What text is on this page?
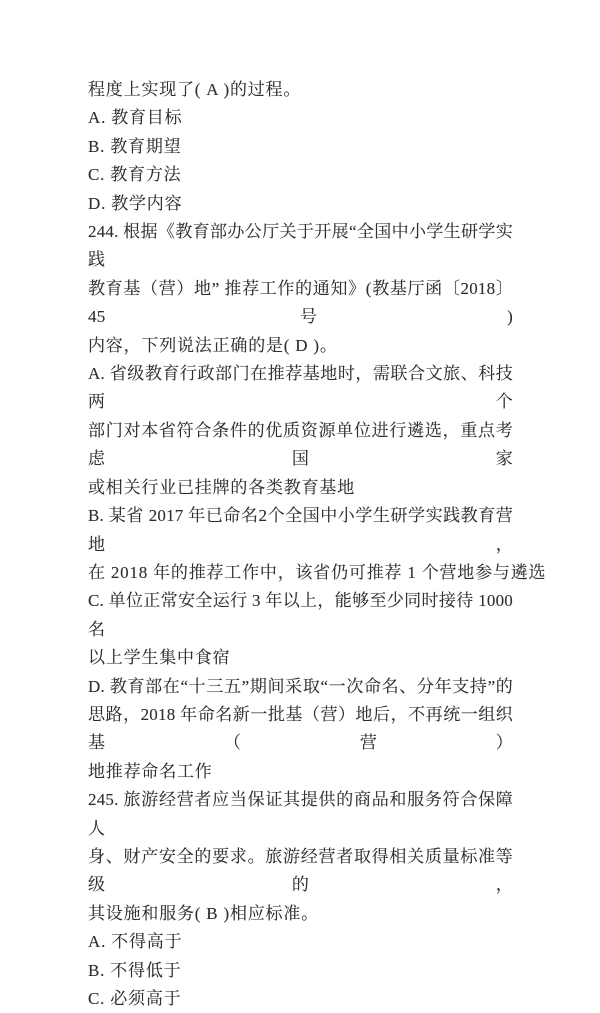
程度上实现了( A )的过程。
A. 教育目标
B. 教育期望
C. 教育方法
D. 教学内容
244. 根据《教育部办公厅关于开展“全国中小学生研学实践
教育基（营）地” 推荐工作的通知》(教基厅函〔2018〕45 号)
内容，下列说法正确的是( D )。
A. 省级教育行政部门在推荐基地时，需联合文旅、科技两个
部门对本省符合条件的优质资源单位进行遴选，重点考虑国家
或相关行业已挂牌的各类教育基地
B. 某省 2017 年已命名2个全国中小学生研学实践教育营地，
在 2018 年的推荐工作中，该省仍可推荐 1 个营地参与遴选
C. 单位正常安全运行 3 年以上，能够至少同时接待 1000 名
以上学生集中食宿
D. 教育部在“十三五”期间采取“一次命名、分年支持”的
思路，2018 年命名新一批基（营）地后，不再统一组织基（营）
地推荐命名工作
245. 旅游经营者应当保证其提供的商品和服务符合保障人
身、财产安全的要求。旅游经营者取得相关质量标准等级的，
其设施和服务( B )相应标准。
A. 不得高于
B. 不得低于
C. 必须高于
